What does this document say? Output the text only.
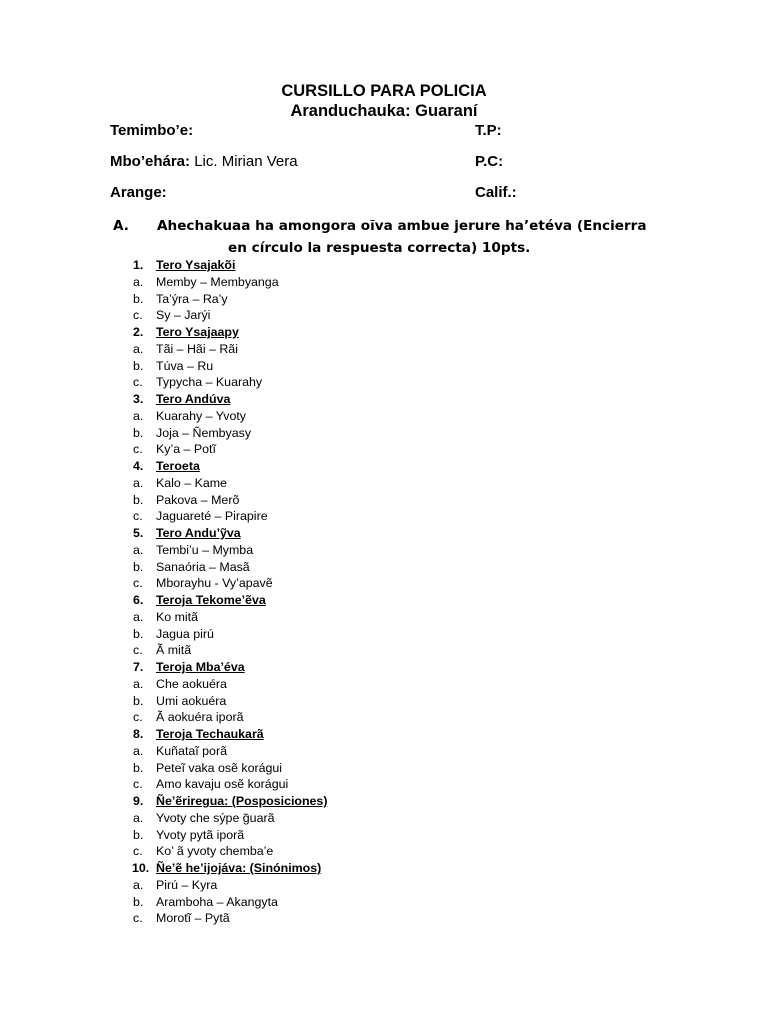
CURSILLO PARA POLICIA
Aranduchauka: Guaraní
Temimbo’e:	T.P:
Mbo’ehára: Lic. Mirian Vera	P.C:
Arange:	Calif.:
A. Ahechakuaa ha amongora oĩva ambue jerure ha’etéva (Encierra
en círculo la respuesta correcta) 10pts.
1. Tero Ysajakõi
a. Memby – Membyanga
b. Ta’ýra – Ra’y
c. Sy – Jarýi
2. Tero Ysajaapy
a. Tãi – Hãi – Rãi
b. Túva – Ru
c. Typycha – Kuarahy
3. Tero Andúva
a. Kuarahy – Yvoty
b. Joja – Ñembyasy
c. Ky’a – Potĩ
4. Teroeta
a. Kalo – Kame
b. Pakova – Merõ
c. Jaguareté – Pirapire
5. Tero Andu’ỹva
a. Tembi’u – Mymba
b. Sanaória – Masã
c. Mborayhu - Vy’apavẽ
6. Teroja Tekome’ẽva
a. Ko mitã
b. Jagua pirú
c. Ã mitã
7. Teroja Mba’éva
a. Che aokuéra
b. Umi aokuéra
c. Ã aokuéra iporã
8. Teroja Techaukarã
a. Kuñataĩ porã
b. Peteĩ vaka osẽ korágui
c. Amo kavaju osẽ korágui
9. Ñe’ẽriregua: (Posposiciones)
a. Yvoty che sýpe g̃uarã
b. Yvoty pytã iporã
c. Ko’ ã yvoty chemba’e
10. Ñe’ẽ he’ijojáva: (Sinónimos)
a. Pirú – Kyra
b. Aramboha – Akangyta
c. Morotĩ – Pytã
